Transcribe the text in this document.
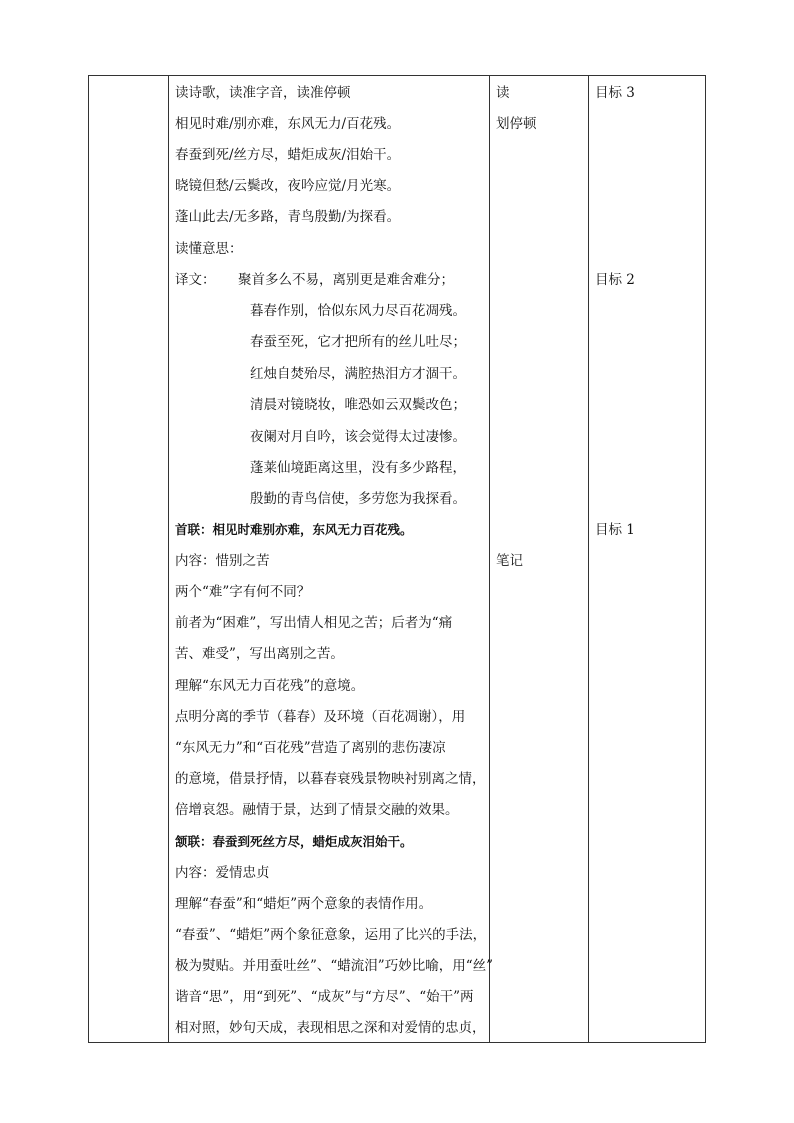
读诗歌，读准字音，读准停顿
相见时难/别亦难，东风无力/百花残。
春蚕到死/丝方尽，蜡炬成灰/泪始干。
晓镜但愁/云鬓改，夜吟应觉/月光寒。
蓬山此去/无多路，青鸟殷勤/为探看。
读懂意思：
译文： 聚首多么不易，离别更是难舍难分；
暮春作别，恰似东风力尽百花凋残。
春蚕至死，它才把所有的丝儿吐尽；
红烛自焚殆尽，满腔热泪方才涸干。
清晨对镜晓妆，唯恐如云双鬓改色；
夜阑对月自吟，该会觉得太过凄惨。
蓬莱仙境距离这里，没有多少路程，
殷勤的青鸟信使，多劳您为我探看。
首联：相见时难别亦难，东风无力百花残。
内容：惜别之苦
两个“难”字有何不同？
前者为“困难”，写出情人相见之苦；后者为“痛
苦、难受”，写出离别之苦。
理解“东风无力百花残”的意境。
点明分离的季节（暮春）及环境（百花凋谢），用
“东风无力”和“百花残”营造了离别的悲伤凄凉
的意境，借景抒情，以暮春衰残景物映衬别离之情，
倍增哀怨。融情于景，达到了情景交融的效果。
颔联：春蚕到死丝方尽，蜡炬成灰泪始干。
内容：爱情忠贞
理解“春蚕”和“蜡炬”两个意象的表情作用。
“春蚕”、“蜡炬”两个象征意象，运用了比兴的手法，
极为熨贴。并用蚕吐丝”、“蜡流泪”巧妙比喻，用“丝”
谐音“思”，用“到死”、“成灰”与“方尽”、“始干”两
相对照，妙句天成，表现相思之深和对爱情的忠贞，
读
划停顿
笔记
目标 3
目标 2
目标 1
